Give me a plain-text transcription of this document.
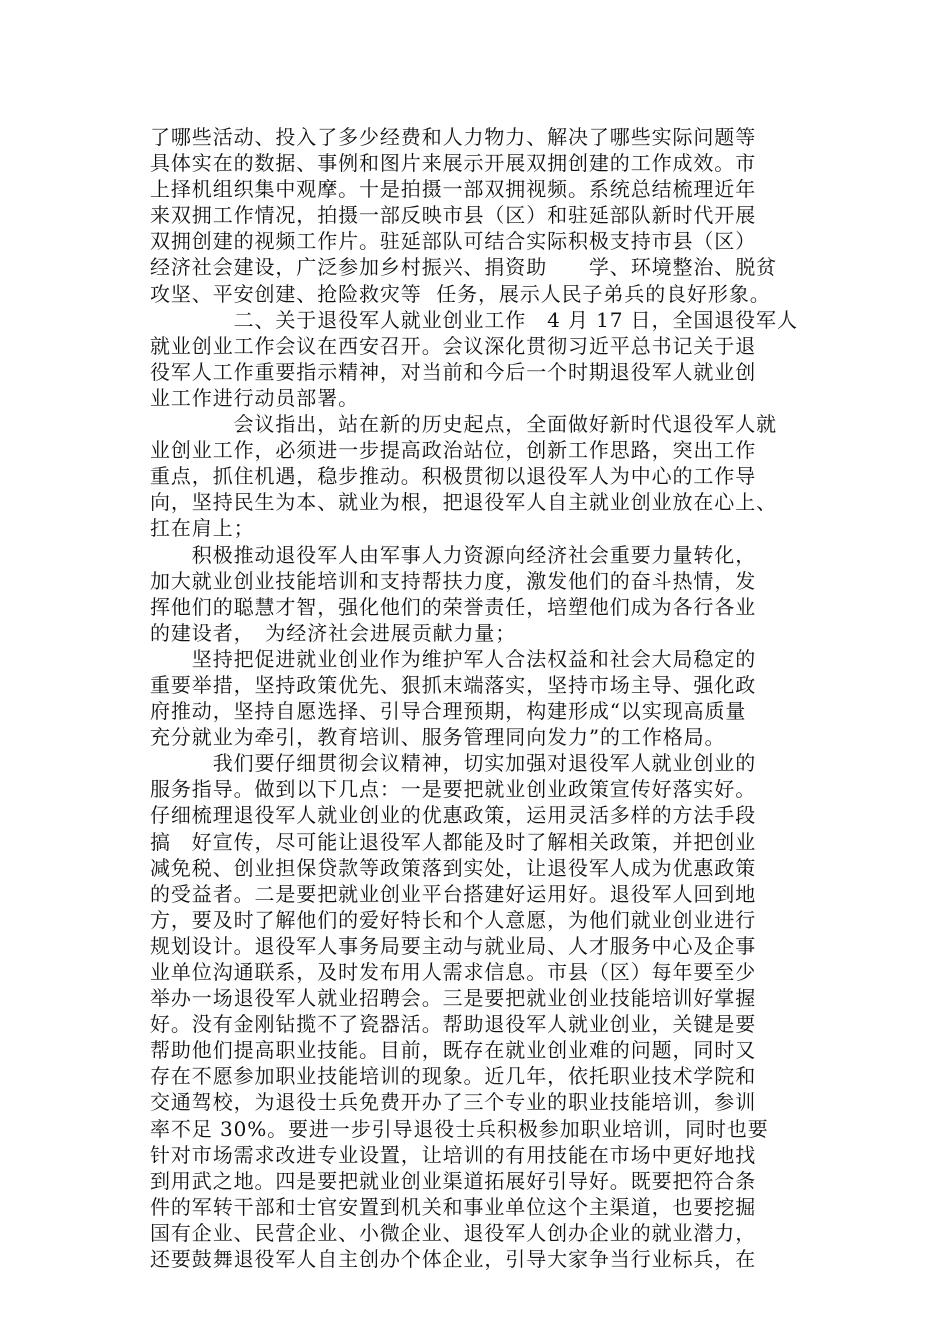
了哪些活动、投入了多少经费和人力物力、解决了哪些实际问题等
具体实在的数据、事例和图片来展示开展双拥创建的工作成效。市
上择机组织集中观摩。十是拍摄一部双拥视频。系统总结梳理近年
来双拥工作情况，拍摄一部反映市县（区）和驻延部队新时代开展
双拥创建的视频工作片。驻延部队可结合实际积极支持市县（区）
经济社会建设，广泛参加乡村振兴、捐资助　　学、环境整治、脱贫
攻坚、平安创建、抢险救灾等  任务，展示人民子弟兵的良好形象。
　　　　二、关于退役军人就业创业工作　4 月 17 日，全国退役军人
就业创业工作会议在西安召开。会议深化贯彻习近平总书记关于退
役军人工作重要指示精神，对当前和今后一个时期退役军人就业创
业工作进行动员部署。
　　　　会议指出，站在新的历史起点，全面做好新时代退役军人就
业创业工作，必须进一步提高政治站位，创新工作思路，突出工作
重点，抓住机遇，稳步推动。积极贯彻以退役军人为中心的工作导
向，坚持民生为本、就业为根，把退役军人自主就业创业放在心上、
扛在肩上；
　　积极推动退役军人由军事人力资源向经济社会重要力量转化，
加大就业创业技能培训和支持帮扶力度，激发他们的奋斗热情，发
挥他们的聪慧才智，强化他们的荣誉责任，培塑他们成为各行各业
的建设者，　为经济社会进展贡献力量；
　　坚持把促进就业创业作为维护军人合法权益和社会大局稳定的
重要举措，坚持政策优先、狠抓末端落实，坚持市场主导、强化政
府推动，坚持自愿选择、引导合理预期，构建形成“以实现高质量
充分就业为牵引，教育培训、服务管理同向发力”的工作格局。
　　　我们要仔细贯彻会议精神，切实加强对退役军人就业创业的
服务指导。做到以下几点：一是要把就业创业政策宣传好落实好。
仔细梳理退役军人就业创业的优惠政策，运用灵活多样的方法手段
搞　好宣传，尽可能让退役军人都能及时了解相关政策，并把创业
减免税、创业担保贷款等政策落到实处，让退役军人成为优惠政策
的受益者。二是要把就业创业平台搭建好运用好。退役军人回到地
方，要及时了解他们的爱好特长和个人意愿，为他们就业创业进行
规划设计。退役军人事务局要主动与就业局、人才服务中心及企事
业单位沟通联系，及时发布用人需求信息。市县（区）每年要至少
举办一场退役军人就业招聘会。三是要把就业创业技能培训好掌握
好。没有金刚钻揽不了瓷器活。帮助退役军人就业创业，关键是要
帮助他们提高职业技能。目前，既存在就业创业难的问题，同时又
存在不愿参加职业技能培训的现象。近几年，依托职业技术学院和
交通驾校，为退役士兵免费开办了三个专业的职业技能培训，参训
率不足 30%。要进一步引导退役士兵积极参加职业培训，同时也要
针对市场需求改进专业设置，让培训的有用技能在市场中更好地找
到用武之地。四是要把就业创业渠道拓展好引导好。既要把符合条
件的军转干部和士官安置到机关和事业单位这个主渠道，也要挖掘
国有企业、民营企业、小微企业、退役军人创办企业的就业潜力，
还要鼓舞退役军人自主创办个体企业，引导大家争当行业标兵，在
